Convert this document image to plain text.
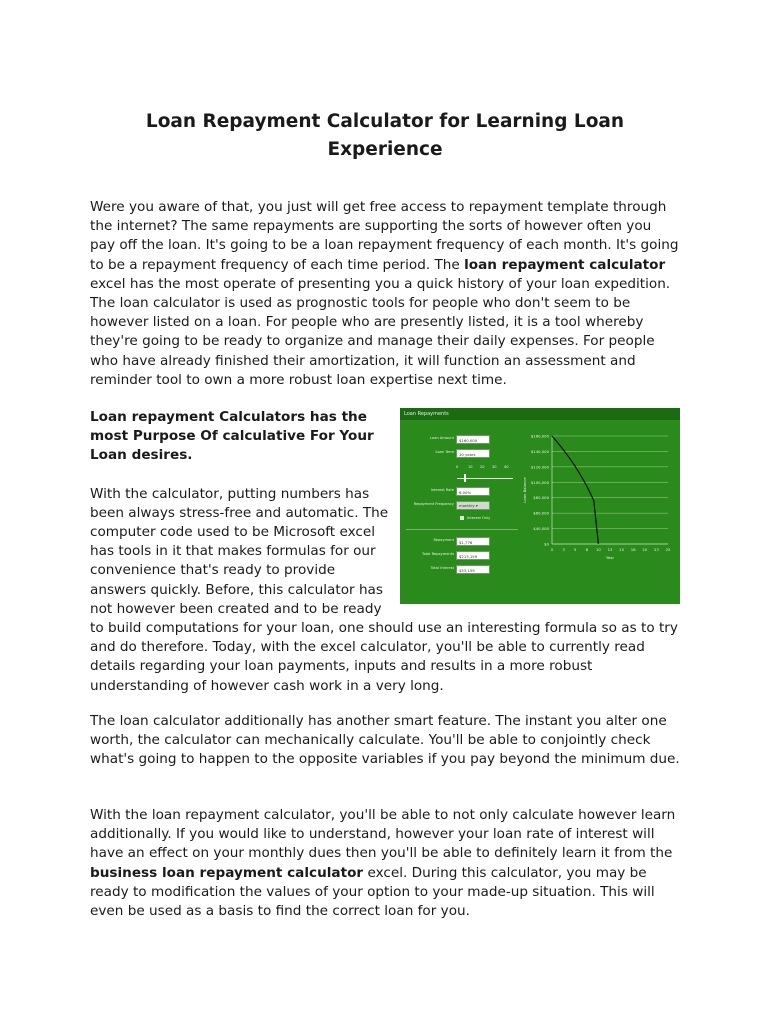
Loan Repayment Calculator for Learning Loan Experience

Were you aware of that, you just will get free access to repayment template through the internet? The same repayments are supporting the sorts of however often you pay off the loan. It's going to be a loan repayment frequency of each month. It's going to be a repayment frequency of each time period. The loan repayment calculator excel has the most operate of presenting you a quick history of your loan expedition. The loan calculator is used as prognostic tools for people who don't seem to be however listed on a loan. For people who are presently listed, it is a tool whereby they're going to be ready to organize and manage their daily expenses. For people who have already finished their amortization, it will function an assessment and reminder tool to own a more robust loan expertise next time.

Loan Repayments
Loan Amount	$160,000
Loan Term	10 years
0	10 20 30 40
Interest Rate	6.00%
Repayment Frequency	monthly ▾
Interest Only
Repayment	$1,776
Total Repayments	$213,159
Total Interest	$53,159
$160,000
$140,000
$120,000
$100,000
$80,000
$60,000
$40,000
$0
0 3 5 8 10 13 15 18 20 23 25
Year
Loan Balance

Loan repayment Calculators has the most Purpose Of calculative For Your Loan desires.

With the calculator, putting numbers has been always stress-free and automatic. The computer code used to be Microsoft excel has tools in it that makes formulas for our convenience that's ready to provide answers quickly. Before, this calculator has not however been created and to be ready to build computations for your loan, one should use an interesting formula so as to try and do therefore. Today, with the excel calculator, you'll be able to currently read details regarding your loan payments, inputs and results in a more robust understanding of however cash work in a very long.

The loan calculator additionally has another smart feature. The instant you alter one worth, the calculator can mechanically calculate. You'll be able to conjointly check what's going to happen to the opposite variables if you pay beyond the minimum due.

With the loan repayment calculator, you'll be able to not only calculate however learn additionally. If you would like to understand, however your loan rate of interest will have an effect on your monthly dues then you'll be able to definitely learn it from the business loan repayment calculator excel. During this calculator, you may be ready to modification the values of your option to your made-up situation. This will even be used as a basis to find the correct loan for you.
